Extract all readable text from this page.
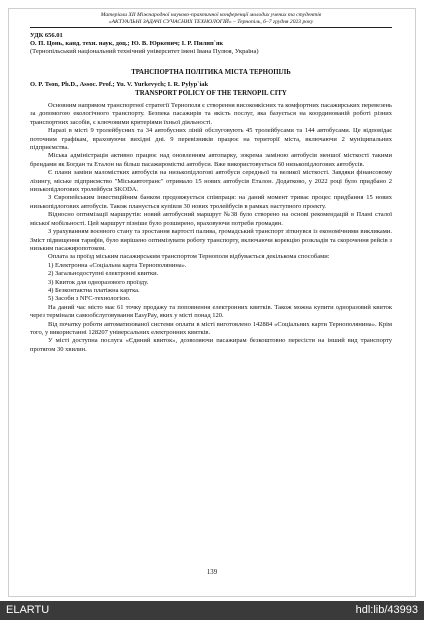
Матеріали XII Міжнародної науково-практичної конференції молодих учених та студентів
«АКТУАЛЬНІ ЗАДАЧІ СУЧАСНИХ ТЕХНОЛОГІЙ» – Тернопіль, 6–7 грудня 2023 року
УДК 656.01
О. П. Цонь, канд. техн. наук, доц.; Ю. В. Юркевич; І. Р. Пилип`як
(Тернопільський національний технічний університет імені Івана Пулюя, Україна)
ТРАНСПОРТНА ПОЛІТИКА МІСТА ТЕРНОПІЛЬ
O. P. Tson, Ph.D., Assoc. Prof.; Yu. V. Yurkevych; I. R. Pylyp`iak
TRANSPORT POLICY OF THE TERNOPIL CITY

Основним напрямом транспортної стратегії Тернополя є створення високоякісних та комфортних пасажирських перевезень за допомогою екологічного транспорту. Безпека пасажирів та якість послуг, яка базується на координованій роботі різних транспортних засобів, є ключовими критеріями їхньої діяльності.

Наразі в місті 9 тролейбусних та 34 автобусних ліній обслуговують 45 тролейбусами та 144 автобусами. Це відповідає поточним графікам, враховуючи вихідні дні. 9 перевізників працює на території міста, включаючи 2 муніципальних підприємства.

Міська адміністрація активно працює над оновленням автопарку, зокрема заміною автобусів меншої місткості такими брендами як Богдан та Еталон на більш пасажиромісткі автобуси. Вже використовується 60 низькопідлогових автобусів.

Є плани заміни маломістких автобусів на низькопідлогові автобуси середньої та великої місткості. Завдяки фінансовому лізингу, міське підприємство "Міськавтотранс" отримало 15 нових автобусів Еталон. Додатково, у 2022 році було придбано 2 низькопідлогових тролейбуси SKODA.

З Європейським інвестиційним банком продовжується співпраця: на даний момент триває процес придбання 15 нових низькопідлогових автобусів. Також планується купівля 30 нових тролейбусів в рамках наступного проекту.

Відносно оптимізації маршрутів: новий автобусний маршрут №38 було створено на основі рекомендацій в Плані сталої міської мобільності. Цей маршрут пізніше було розширено, враховуючи потреби громадян.

З урахуванням воєнного стану та зростання вартості палива, громадський транспорт зіткнувся із економічними викликами. Зміст підвищення тарифів, було вирішено оптимізувати роботу транспорту, включаючи корекцію розкладів та скорочення рейсів з низьким пасажиропотоком.

Оплата за проїзд міським пасажирським транспортом Тернополя відбувається декількома способами:

1) Електронна «Соціальна карта Тернополянина».
2) Загальнодоступні електронні квитки.
3) Квиток для одноразового проїзду.
4) Безконтактна платіжна картка.
5) Засоби з NFC-технологією.

На даний час місто має 61 точку продажу та поповнення електронних квитків. Також можна купити одноразовий квиток через термінали самообслуговування EasyPay, яких у місті понад 120.

Від початку роботи автоматизованої системи оплати в місті виготовлено 142884 «Соціальних карти Тернополянина». Крім того, у використанні 128207 універсальних електронних квитків.

У місті доступна послуга «Єдиний квиток», дозволяючи пасажирам безкоштовно пересісти на інший вид транспорту протягом 30 хвилин.

139
ELARTU	hdl:lib/43993
